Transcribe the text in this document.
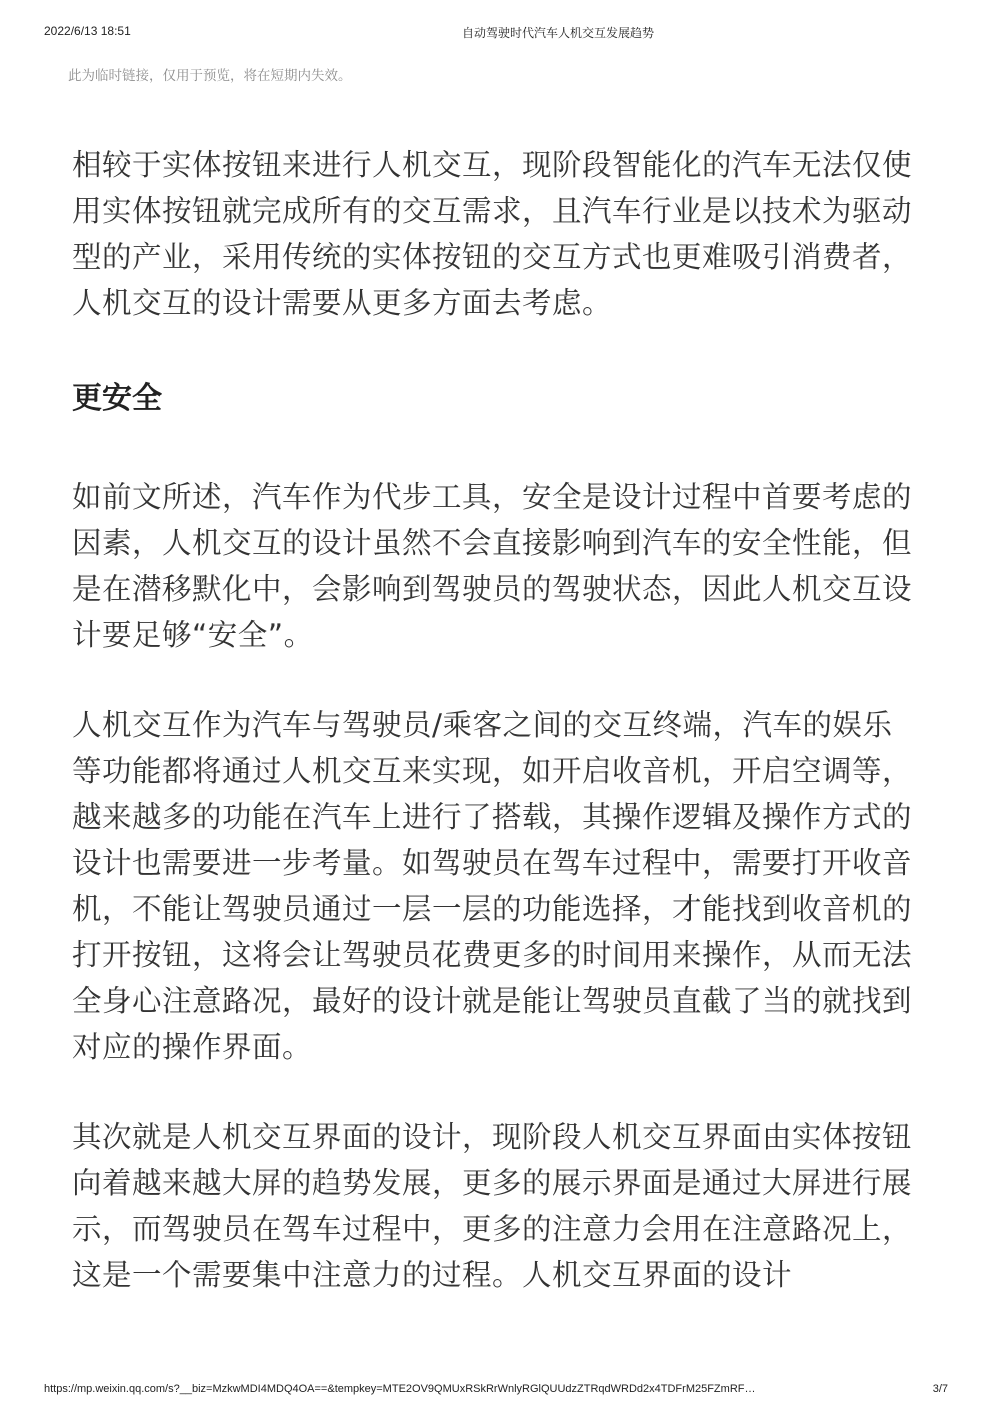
2022/6/13 18:51	自动驾驶时代汽车人机交互发展趋势
此为临时链接，仅用于预览，将在短期内失效。

相较于实体按钮来进行人机交互，现阶段智能化的汽车无法仅使用实体按钮就完成所有的交互需求，且汽车行业是以技术为驱动型的产业，采用传统的实体按钮的交互方式也更难吸引消费者，人机交互的设计需要从更多方面去考虑。

更安全

如前文所述，汽车作为代步工具，安全是设计过程中首要考虑的因素，人机交互的设计虽然不会直接影响到汽车的安全性能，但是在潜移默化中，会影响到驾驶员的驾驶状态，因此人机交互设计要足够“安全”。

人机交互作为汽车与驾驶员/乘客之间的交互终端，汽车的娱乐等功能都将通过人机交互来实现，如开启收音机，开启空调等，越来越多的功能在汽车上进行了搭载，其操作逻辑及操作方式的设计也需要进一步考量。如驾驶员在驾车过程中，需要打开收音机，不能让驾驶员通过一层一层的功能选择，才能找到收音机的打开按钮，这将会让驾驶员花费更多的时间用来操作，从而无法全身心注意路况，最好的设计就是能让驾驶员直截了当的就找到对应的操作界面。

其次就是人机交互界面的设计，现阶段人机交互界面由实体按钮向着越来越大屏的趋势发展，更多的展示界面是通过大屏进行展示，而驾驶员在驾车过程中，更多的注意力会用在注意路况上，这是一个需要集中注意力的过程。人机交互界面的设计

https://mp.weixin.qq.com/s?__biz=MzkwMDI4MDQ4OA==&tempkey=MTE2OV9QMUxRSkRrWnlyRGlQUUdzZTRqdWRDd2x4TDFrM25FZmRF…	3/7
